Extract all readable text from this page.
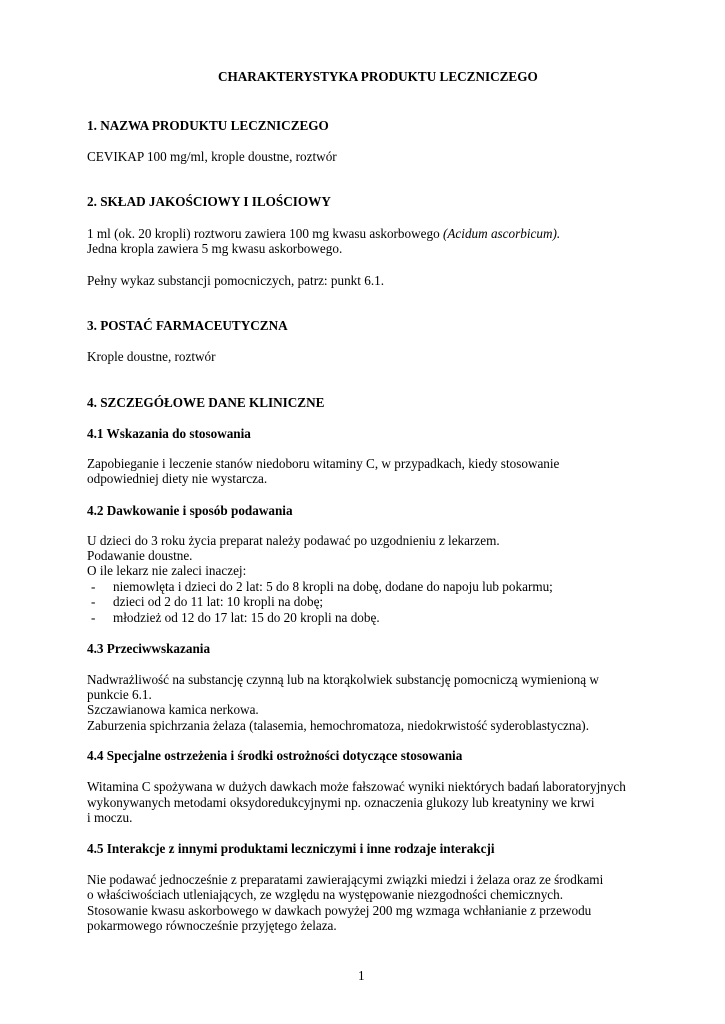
CHARAKTERYSTYKA PRODUKTU LECZNICZEGO
1. NAZWA PRODUKTU LECZNICZEGO
CEVIKAP 100 mg/ml, krople doustne, roztwór
2. SKŁAD JAKOŚCIOWY I ILOŚCIOWY
1 ml (ok. 20 kropli) roztworu zawiera 100 mg kwasu askorbowego (Acidum ascorbicum).
Jedna kropla zawiera 5 mg kwasu askorbowego.
Pełny wykaz substancji pomocniczych, patrz: punkt 6.1.
3. POSTAĆ FARMACEUTYCZNA
Krople doustne, roztwór
4. SZCZEGÓŁOWE DANE KLINICZNE
4.1 Wskazania do stosowania
Zapobieganie i leczenie stanów niedoboru witaminy C, w przypadkach, kiedy stosowanie
odpowiedniej diety nie wystarcza.
4.2 Dawkowanie i sposób podawania
U dzieci do 3 roku życia preparat należy podawać po uzgodnieniu z lekarzem.
Podawanie doustne.
O ile lekarz nie zaleci inaczej:
-	niemowlęta i dzieci do 2 lat: 5 do 8 kropli na dobę, dodane do napoju lub pokarmu;
-	dzieci od 2 do 11 lat: 10 kropli na dobę;
-	młodzież od 12 do 17 lat: 15 do 20 kropli na dobę.
4.3 Przeciwwskazania
Nadwrażliwość na substancję czynną lub na ktorąkolwiek substancję pomocniczą wymienioną w
punkcie 6.1.
Szczawianowa kamica nerkowa.
Zaburzenia spichrzania żelaza (talasemia, hemochromatoza, niedokrwistość syderoblastyczna).
4.4 Specjalne ostrzeżenia i środki ostrożności dotyczące stosowania
Witamina C spożywana w dużych dawkach może fałszować wyniki niektórych badań laboratoryjnych
wykonywanych metodami oksydoredukcyjnymi np. oznaczenia glukozy lub kreatyniny we krwi
i moczu.
4.5 Interakcje z innymi produktami leczniczymi i inne rodzaje interakcji
Nie podawać jednocześnie z preparatami zawierającymi związki miedzi i żelaza oraz ze środkami
o właściwościach utleniających, ze względu na występowanie niezgodności chemicznych.
Stosowanie kwasu askorbowego w dawkach powyżej 200 mg wzmaga wchłanianie z przewodu
pokarmowego równocześnie przyjętego żelaza.
1
